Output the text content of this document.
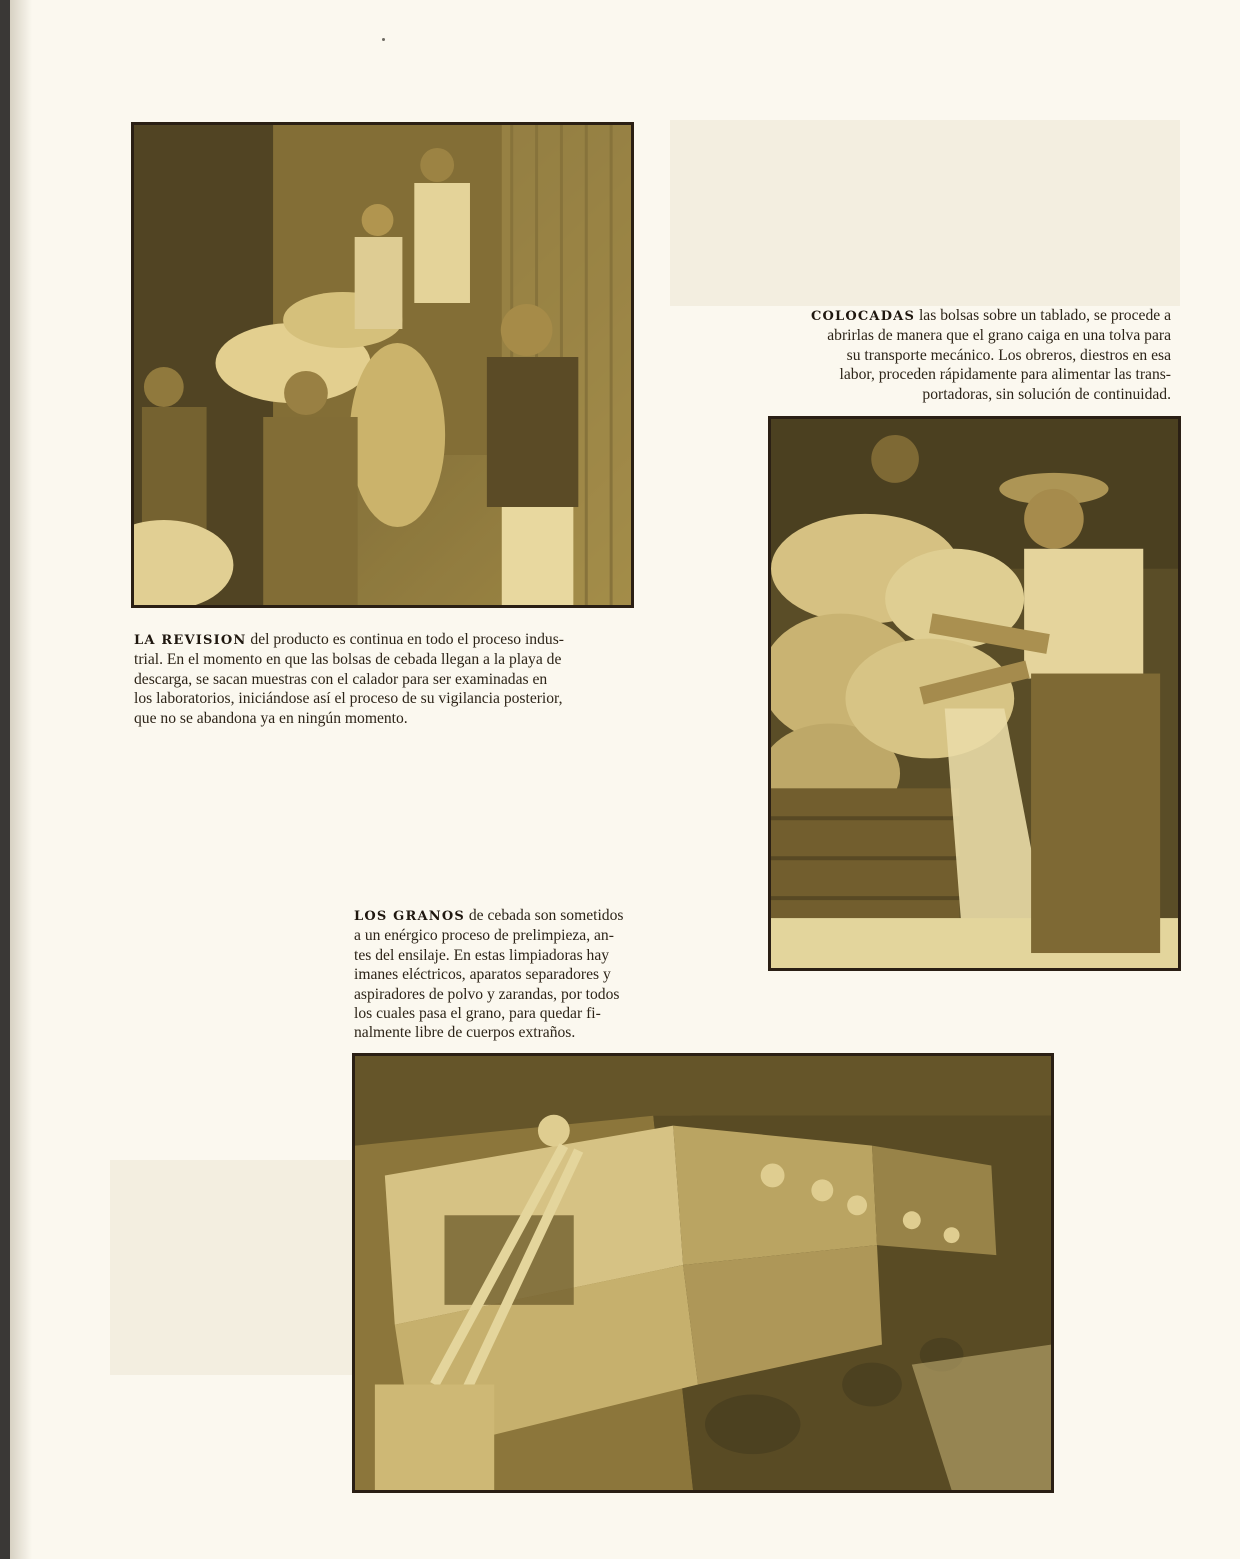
COLOCADAS las bolsas sobre un tablado, se procede a
abrirlas de manera que el grano caiga en una tolva para
su transporte mecánico. Los obreros, diestros en esa
labor, proceden rápidamente para alimentar las trans-
portadoras, sin solución de continuidad.

LA REVISION del producto es continua en todo el proceso indus-
trial. En el momento en que las bolsas de cebada llegan a la playa de
descarga, se sacan muestras con el calador para ser examinadas en
los laboratorios, iniciándose así el proceso de su vigilancia posterior,
que no se abandona ya en ningún momento.

LOS GRANOS de cebada son sometidos
a un enérgico proceso de prelimpieza, an-
tes del ensilaje. En estas limpiadoras hay
imanes eléctricos, aparatos separadores y
aspiradores de polvo y zarandas, por todos
los cuales pasa el grano, para quedar fi-
nalmente libre de cuerpos extraños.
